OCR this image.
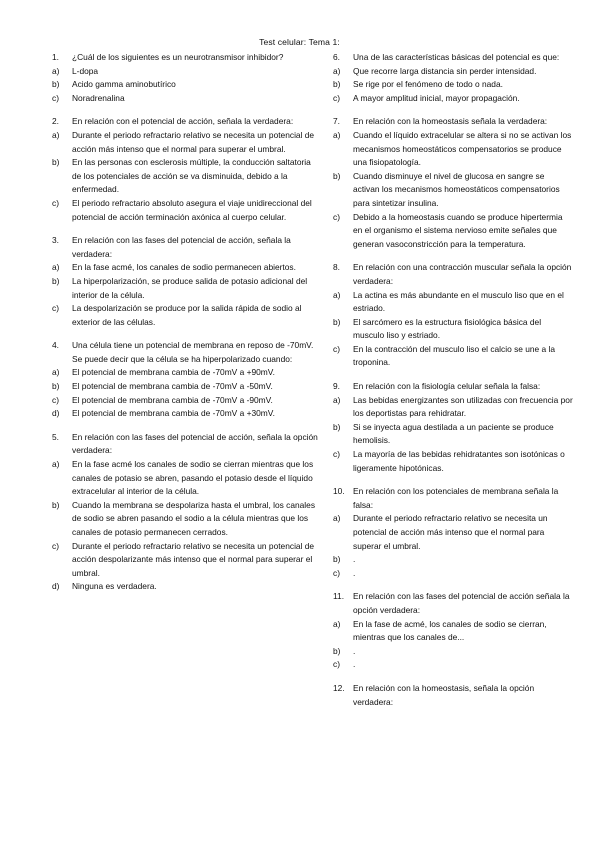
Test celular: Tema 1:
1.	¿Cuál de los siguientes es un neurotransmisor inhibidor?
a)	L-dopa
b)	Acido gamma aminobutírico
c)	Noradrenalina
2.	En relación con el potencial de acción, señala la verdadera:
a)	Durante el periodo refractario relativo se necesita un potencial de acción más intenso que el normal para superar el umbral.
b)	En las personas con esclerosis múltiple, la conducción saltatoria de los potenciales de acción se va disminuida, debido a la enfermedad.
c)	El periodo refractario absoluto asegura el viaje unidireccional del potencial de acción terminación axónica al cuerpo celular.
3.	En relación con las fases del potencial de acción, señala la verdadera:
a)	En la fase acmé, los canales de sodio permanecen abiertos.
b)	La hiperpolarización, se produce salida de potasio adicional del interior de la célula.
c)	La despolarización se produce por la salida rápida de sodio al exterior de las células.
4.	Una célula tiene un potencial de membrana en reposo de -70mV. Se puede decir que la célula se ha hiperpolarizado cuando:
a)	El potencial de membrana cambia de -70mV a +90mV.
b)	El potencial de membrana cambia de -70mV a -50mV.
c)	El potencial de membrana cambia de -70mV a -90mV.
d)	El potencial de membrana cambia de -70mV a +30mV.
5.	En relación con las fases del potencial de acción, señala la opción verdadera:
a)	En la fase acmé los canales de sodio se cierran mientras que los canales de potasio se abren, pasando el potasio desde el líquido extracelular al interior de la célula.
b)	Cuando la membrana se despolariza hasta el umbral, los canales de sodio se abren pasando el sodio a la célula mientras que los canales de potasio permanecen cerrados.
c)	Durante el periodo refractario relativo se necesita un potencial de acción despolarizante más intenso que el normal para superar el umbral.
d)	Ninguna es verdadera.
6.	Una de las características básicas del potencial es que:
a)	Que recorre larga distancia sin perder intensidad.
b)	Se rige por el fenómeno de todo o nada.
c)	A mayor amplitud inicial, mayor propagación.
7.	En relación con la homeostasis señala la verdadera:
a)	Cuando el líquido extracelular se altera si no se activan los mecanismos homeostáticos compensatorios se produce una fisiopatología.
b)	Cuando disminuye el nivel de glucosa en sangre se activan los mecanismos homeostáticos compensatorios para sintetizar insulina.
c)	Debido a la homeostasis cuando se produce hipertermia en el organismo el sistema nervioso emite señales que generan vasoconstricción para la temperatura.
8.	En relación con una contracción muscular señala la opción verdadera:
a)	La actina es más abundante en el musculo liso que en el estriado.
b)	El sarcómero es la estructura fisiológica básica del musculo liso y estriado.
c)	En la contracción del musculo liso el calcio se une a la troponina.
9.	En relación con la fisiología celular señala la falsa:
a)	Las bebidas energizantes son utilizadas con frecuencia por los deportistas para rehidratar.
b)	Si se inyecta agua destilada a un paciente se produce hemolisis.
c)	La mayoría de las bebidas rehidratantes son isotónicas o ligeramente hipotónicas.
10. En relación con los potenciales de membrana señala la falsa:
a)	Durante el periodo refractario relativo se necesita un potencial de acción más intenso que el normal para superar el umbral.
b)	.
c)	.
11.	En relación con las fases del potencial de acción señala la opción verdadera:
a)	En la fase de acmé, los canales de sodio se cierran, mientras que los canales de...
b)	.
c)	.
12. En relación con la homeostasis, señala la opción verdadera:
